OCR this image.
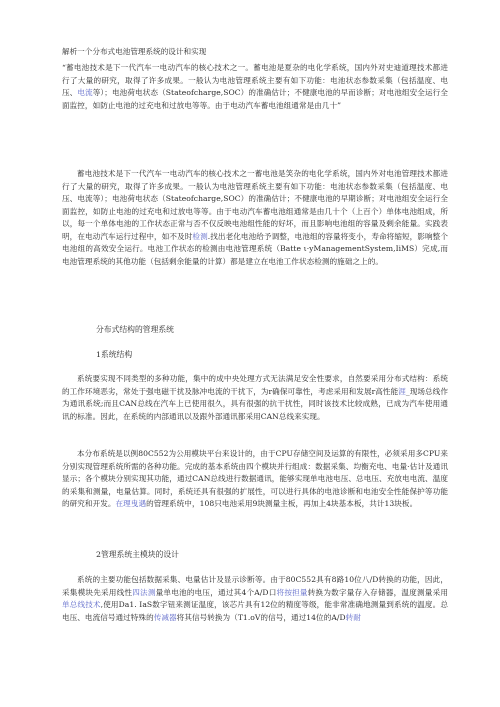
解析一个分布式电池管理系统的设计和实现

“蓄电池技术是下一代汽车一电动汽车的核心技术之一。蓄电池是夏杂的电化学系统，国内外对史迪道理技术都进行了大量的研究，取得了许多成果。一般认为电池管理系统主要有如下功能：电池状态参数采集（包括温度、电压、电流等）；电池荷电状态（Stateofcharge,SOC）的准确估计；不健康电池的早而诊断；对电池组安全运行全面监控，如防止电池的过充电和过放电等等。由于电动汽车蓄电池组通常是由几十”

蓄电池技术是下一代汽车一电动汽车的核心技术之一蓄电池是笑杂的电化学系统，国内外对电池管理技术都进行了大量的研究，取得了许多成果。一般认为电池管理系统主要有如下功能：电池状态参数采集（包括温度、电压、电流等）；电池荷电状态（Stateofcharge,SOC）的准确估计；不健康电池的早期诊断；对电池组安全运行全面监控，如防止电池的过充电和过放电等等。由于电动汽车蓄电池组通常是由几十个（上百个）单体电池组成，所以，每一个单体电池的工作状态正常与否不仅反映电池组性能的好坏，而且影响电池组的容量及剩余能量。实践表明，在电动汽车运行过程中，如不及时检测.找出老化电池给予调整，电池组的容量将变小，寿命将缩短，影响整个电池组的高效安全运行。电池工作状态的检测由电池管理系统（Batte ι·yManagementSystem,IiMS）完成,而电池管理系统的其他功能（包括剩余能量的计算）都是建立在电池工作状态检测的施础之上的。

分布式结构的管理系统

1系统结构

系统要实现不同类型的多种功能，集中的成中央处理方式无法满足安全性要求，自然要采用分布式结构：系统的工作环境恶劣，常处于强电磁干扰及脉冲电流的干扰下，为r确保可靠性，考虑采用和发展r高性能涯_现场总线作为通讯系统;而且CAN总线在汽车上已使用很久，具有很强的抗干扰性，同时该技术比较成熟，已成为汽车使用通讯的标准。因此，在系统的内部通讯以及跟外部通讯都采用CAN总线来实现。

本分布系统是以例80C552为公用模块平台来设计的，由于CPU存储空间及运算的有限性，必须采用多CPU来分别实现管理系统所需的各种功能。完成的基本系统由四个模块并行组成：数据采集、均衡充电、电量·估计及通讯显示；各个模块分别实现其功能，通过CAN总线进行数据通讯，能够实现单电池电压、总电压、充放电电流、温度的采集和测量，电量估算。同时，系统还具有很强的扩展性，可以进行具体的电池诊断和电池安全性能保护等功能的研究和开发。在理曳遇的管理系统中，108只电池采用9块测量主板，再加上4块基本板，共计13块板。

2管理系统主模块的设计

系统的主要功能包括数据采集、电量估计及显示诊断等。由于80C552具有8路10位八/D转换的功能，因此，采集模块先采用线性四法测量单电池的电压，通过其4个A/D口将按担量转换为数字量存入存储器，温度测量采用单总线技术,使用Da1. IaS数字钮来测证温度，该芯片具有12位的精度等级，能非常准确地测量到系统的温度。总电压、电流信号通过特殊的传减器将其信号转换为（T1.oV的信号，通过14位的A/D转耐
